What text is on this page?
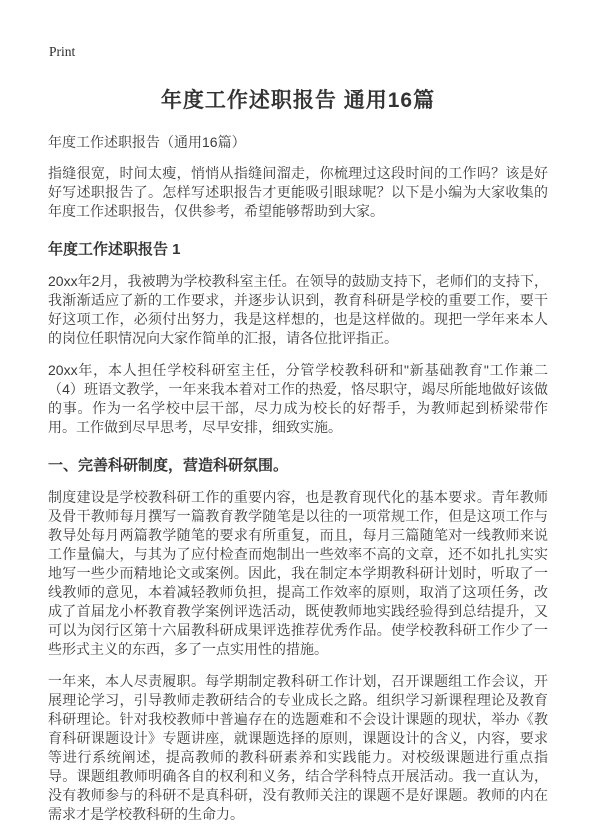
Print
年度工作述职报告 通用16篇

年度工作述职报告（通用16篇）

指缝很宽，时间太瘦，悄悄从指缝间溜走，你梳理过这段时间的工作吗？该是好好写述职报告了。怎样写述职报告才更能吸引眼球呢？以下是小编为大家收集的年度工作述职报告，仅供参考，希望能够帮助到大家。

年度工作述职报告 1

20xx年2月，我被聘为学校教科室主任。在领导的鼓励支持下，老师们的支持下，我渐渐适应了新的工作要求，并逐步认识到，教育科研是学校的重要工作，要干好这项工作，必须付出努力，我是这样想的，也是这样做的。现把一学年来本人的岗位任职情况向大家作简单的汇报，请各位批评指正。

20xx年，本人担任学校科研室主任，分管学校教科研和"新基础教育"工作兼二（4）班语文教学，一年来我本着对工作的热爱，恪尽职守，竭尽所能地做好该做的事。作为一名学校中层干部，尽力成为校长的好帮手，为教师起到桥梁带作用。工作做到尽早思考，尽早安排，细致实施。

一、完善科研制度，营造科研氛围。

制度建设是学校教科研工作的重要内容，也是教育现代化的基本要求。青年教师及骨干教师每月撰写一篇教育教学随笔是以往的一项常规工作，但是这项工作与教导处每月两篇教学随笔的要求有所重复，而且，每月三篇随笔对一线教师来说工作量偏大，与其为了应付检查而炮制出一些效率不高的文章，还不如扎扎实实地写一些少而精地论文或案例。因此，我在制定本学期教科研计划时，听取了一线教师的意见，本着减轻教师负担，提高工作效率的原则，取消了这项任务，改成了首届龙小杯教育教学案例评选活动，既使教师地实践经验得到总结提升，又可以为闵行区第十六届教科研成果评选推荐优秀作品。使学校教科研工作少了一些形式主义的东西，多了一点实用性的措施。

一年来，本人尽责履职。每学期制定教科研工作计划，召开课题组工作会议，开展理论学习，引导教师走教研结合的专业成长之路。组织学习新课程理论及教育科研理论。针对我校教师中普遍存在的选题难和不会设计课题的现状，举办《教育科研课题设计》专题讲座，就课题选择的原则，课题设计的含义，内容，要求等进行系统阐述，提高教师的教科研素养和实践能力。对校级课题进行重点指导。课题组教师明确各自的权利和义务，结合学科特点开展活动。我一直认为，没有教师参与的科研不是真科研，没有教师关注的课题不是好课题。教师的内在需求才是学校教科研的生命力。
